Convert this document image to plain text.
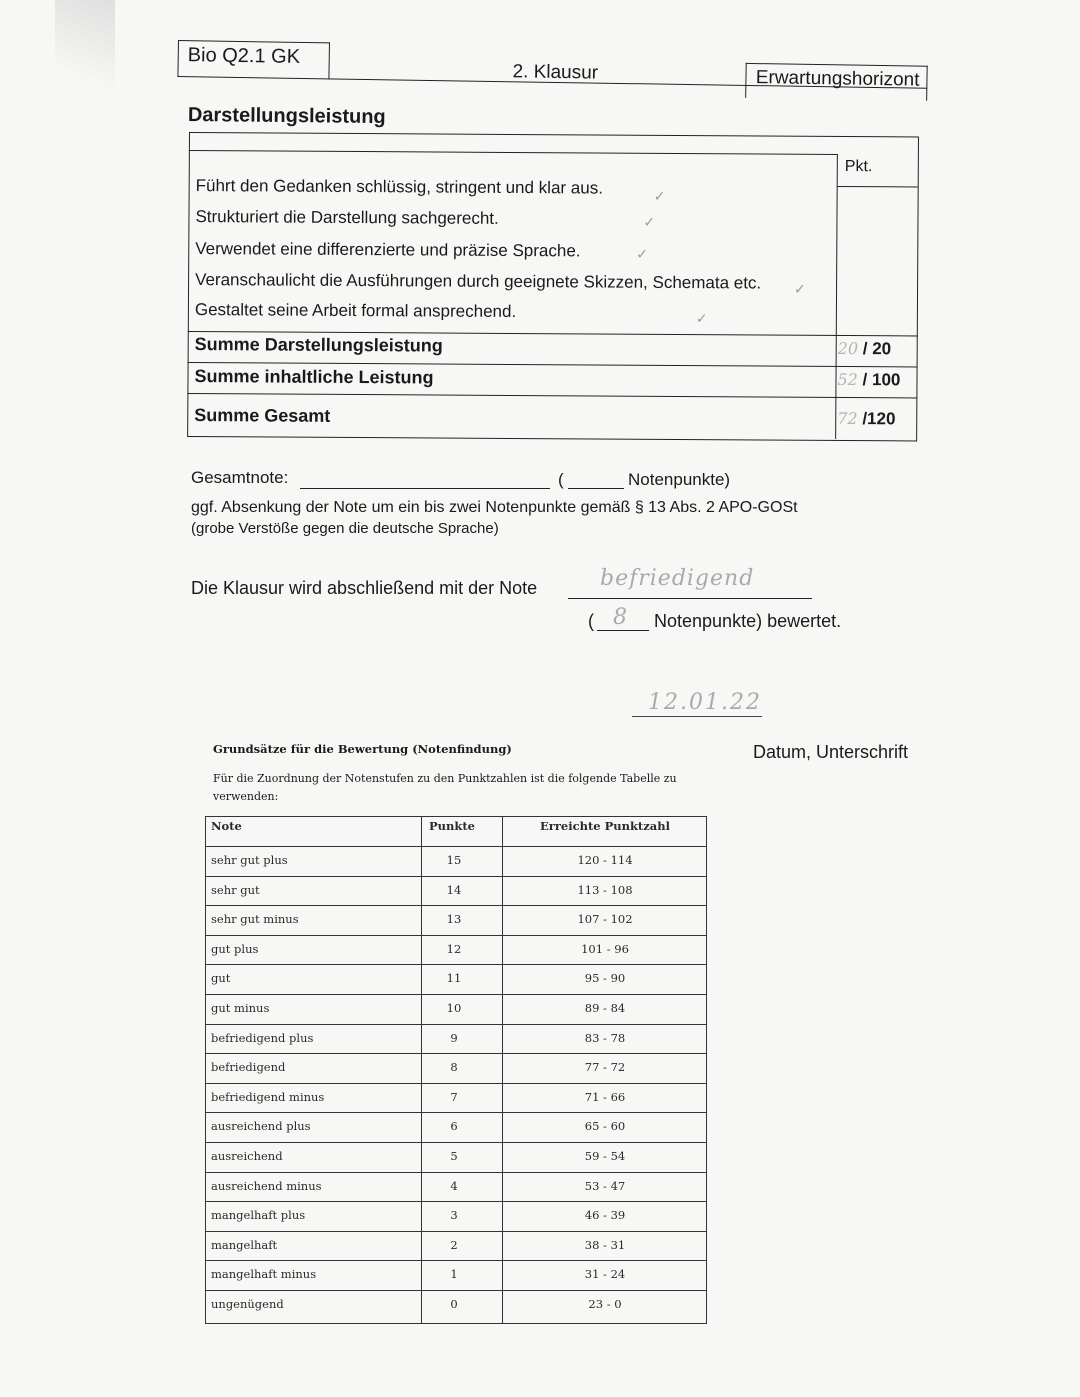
Bio Q2.1 GK
2. Klausur	Erwartungshorizont
Darstellungsleistung
Pkt.
Führt den Gedanken schlüssig, stringent und klar aus.	✓
Strukturiert die Darstellung sachgerecht.	✓
Verwendet eine differenzierte und präzise Sprache.	✓
Veranschaulicht die Ausführungen durch geeignete Skizzen, Schemata etc. ✓
Gestaltet seine Arbeit formal ansprechend.	✓
Summe Darstellungsleistung	20 / 20
Summe inhaltliche Leistung	52 / 100
Summe Gesamt	72 /120
Gesamtnote:	(	Notenpunkte)
ggf. Absenkung der Note um ein bis zwei Notenpunkte gemäß § 13 Abs. 2 APO-GOSt
(grobe Verstöße gegen die deutsche Sprache)
Die Klausur wird abschließend mit der Note	befriedigend
( 8 Notenpunkte) bewertet.
12.01.22
Datum, Unterschrift
Grundsätze für die Bewertung (Notenfindung)
Für die Zuordnung der Notenstufen zu den Punktzahlen ist die folgende Tabelle zu verwenden:
Note	Punkte	Erreichte Punktzahl
sehr gut plus	15	120 - 114
sehr gut	14	113 - 108
sehr gut minus	13	107 - 102
gut plus	12	101 - 96
gut	11	95 - 90
gut minus	10	89 - 84
befriedigend plus	9	83 - 78
befriedigend	8	77 - 72
befriedigend minus	7	71 - 66
ausreichend plus	6	65 - 60
ausreichend	5	59 - 54
ausreichend minus	4	53 - 47
mangelhaft plus	3	46 - 39
mangelhaft	2	38 - 31
mangelhaft minus	1	31 - 24
ungenügend	0	23 - 0
